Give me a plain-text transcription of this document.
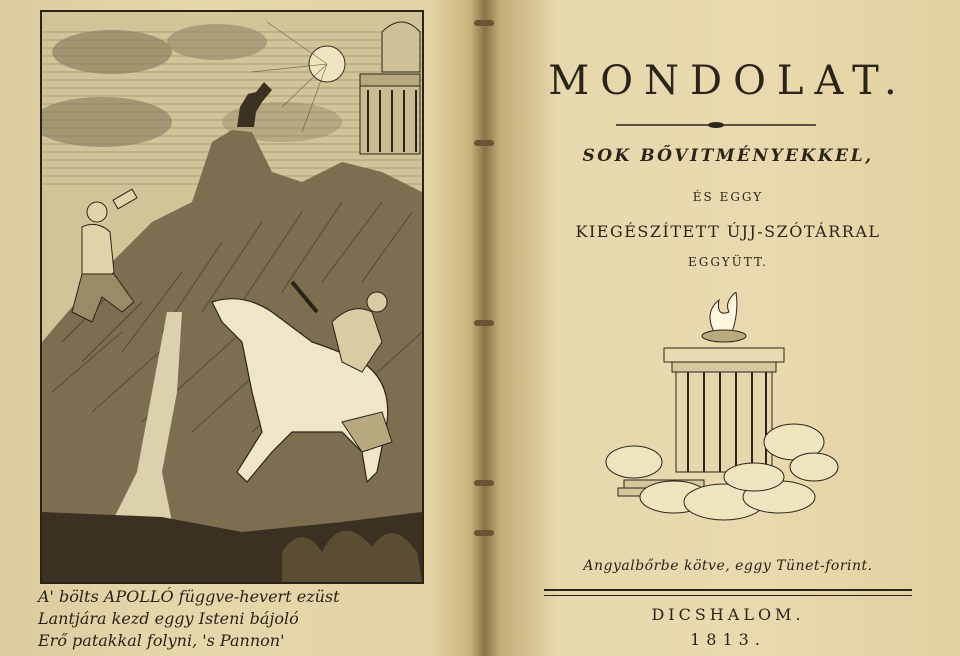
A' bölts APOLLÓ függve-hevert ezüst
Lantjára kezd eggy Isteni bájoló
Erő patakkal folyni, 's Pannon'
MONDOLAT.
SOK BŐVITMÉNYEKKEL,
ÉS EGGY
KIEGÉSZÍTETT ÚJJ-SZÓTÁRRAL
EGGYÜTT.
Angyalbőrbe kötve, eggy Tünet-forint.
DICSHALOM.
1813.
